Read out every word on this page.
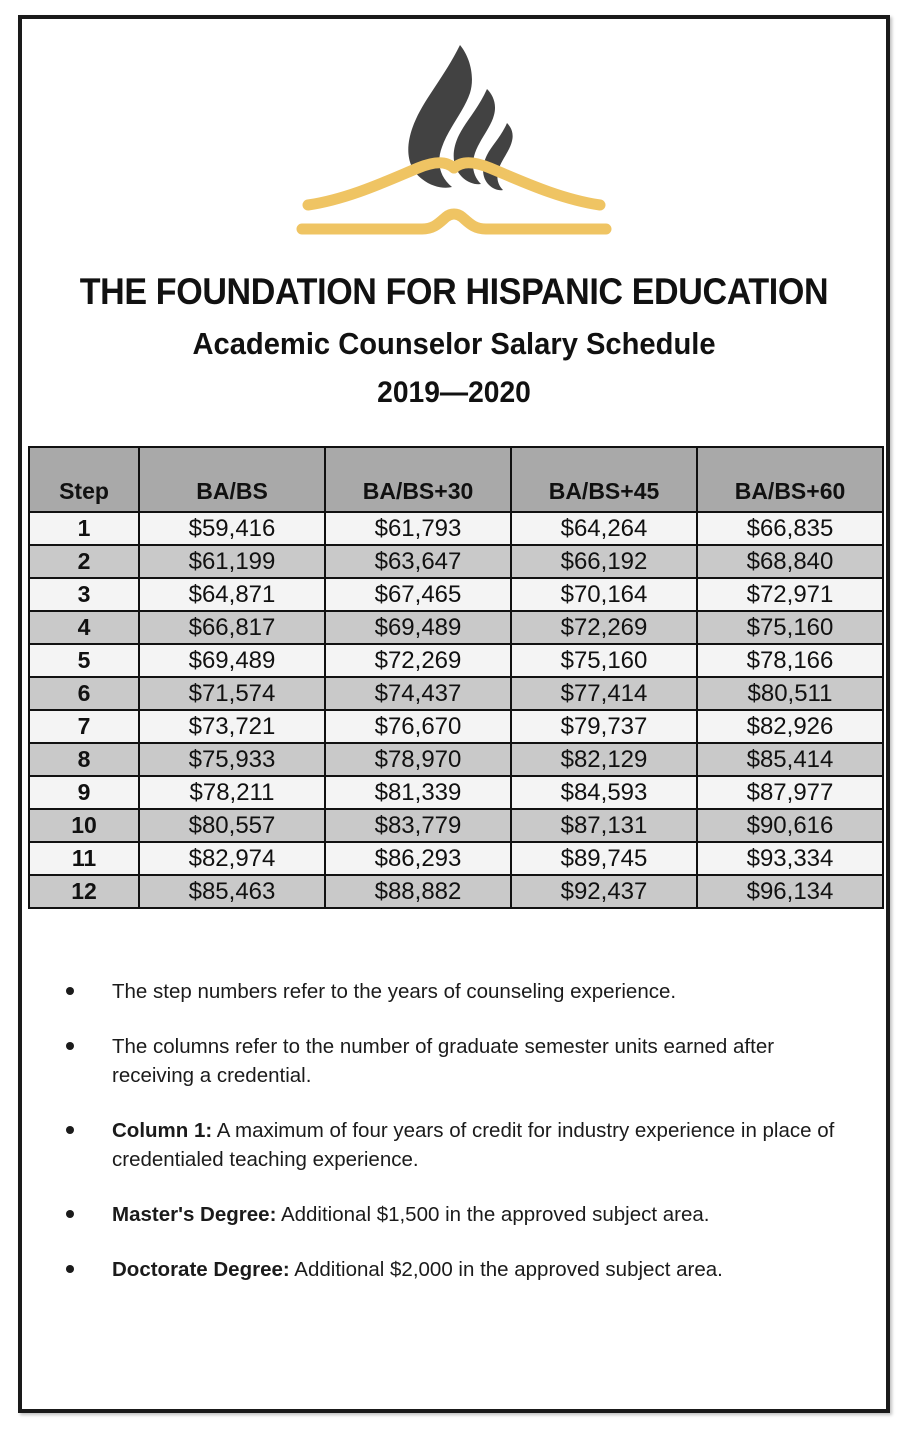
THE FOUNDATION FOR HISPANIC EDUCATION
Academic Counselor Salary Schedule
2019—2020
Step	BA/BS	BA/BS+30	BA/BS+45	BA/BS+60
1	$59,416	$61,793	$64,264	$66,835
2	$61,199	$63,647	$66,192	$68,840
3	$64,871	$67,465	$70,164	$72,971
4	$66,817	$69,489	$72,269	$75,160
5	$69,489	$72,269	$75,160	$78,166
6	$71,574	$74,437	$77,414	$80,511
7	$73,721	$76,670	$79,737	$82,926
8	$75,933	$78,970	$82,129	$85,414
9	$78,211	$81,339	$84,593	$87,977
10	$80,557	$83,779	$87,131	$90,616
11	$82,974	$86,293	$89,745	$93,334
12	$85,463	$88,882	$92,437	$96,134
The step numbers refer to the years of counseling experience.
The columns refer to the number of graduate semester units earned after receiving a credential.
Column 1: A maximum of four years of credit for industry experience in place of credentialed teaching experience.
Master's Degree: Additional $1,500 in the approved subject area.
Doctorate Degree: Additional $2,000 in the approved subject area.
